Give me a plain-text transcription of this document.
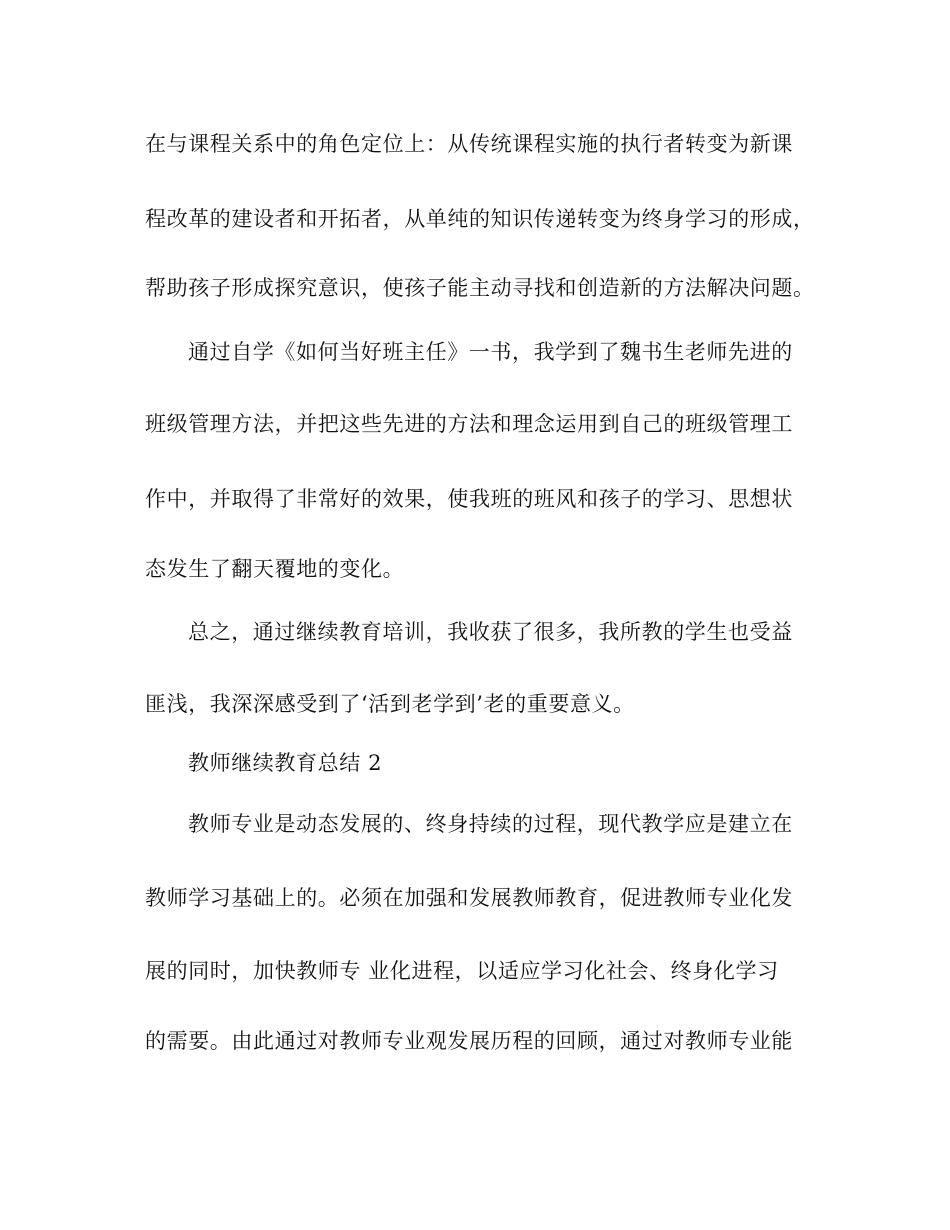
在与课程关系中的角色定位上：从传统课程实施的执行者转变为新课
程改革的建设者和开拓者，从单纯的知识传递转变为终身学习的形成，
帮助孩子形成探究意识，使孩子能主动寻找和创造新的方法解决问题。
通过自学《如何当好班主任》一书，我学到了魏书生老师先进的
班级管理方法，并把这些先进的方法和理念运用到自己的班级管理工
作中，并取得了非常好的效果，使我班的班风和孩子的学习、思想状
态发生了翻天覆地的变化。
总之，通过继续教育培训，我收获了很多，我所教的学生也受益
匪浅，我深深感受到了‘活到老学到’老的重要意义。
教师继续教育总结 2
教师专业是动态发展的、终身持续的过程，现代教学应是建立在
教师学习基础上的。必须在加强和发展教师教育，促进教师专业化发
展的同时，加快教师专 业化进程，以适应学习化社会、终身化学习
的需要。由此通过对教师专业观发展历程的回顾，通过对教师专业能
